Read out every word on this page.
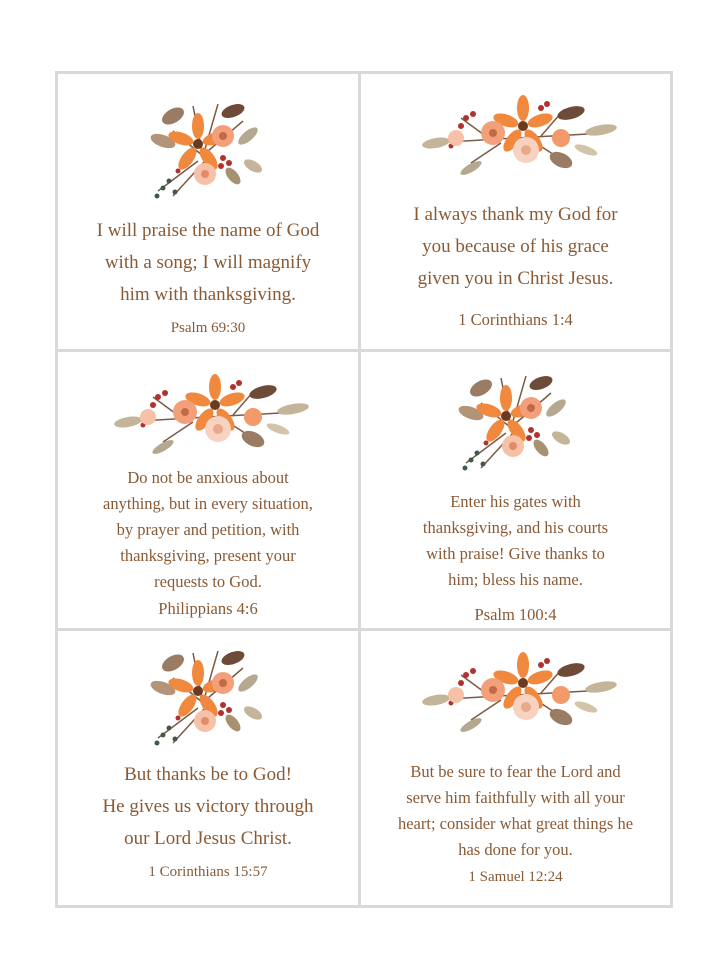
I will praise the name of God
with a song; I will magnify
him with thanksgiving.
Psalm 69:30
I always thank my God for
you because of his grace
given you in Christ Jesus.
1 Corinthians 1:4
Do not be anxious about
anything, but in every situation,
by prayer and petition, with
thanksgiving, present your
requests to God.
Philippians 4:6
Enter his gates with
thanksgiving, and his courts
with praise! Give thanks to
him; bless his name.
Psalm 100:4
But thanks be to God!
He gives us victory through
our Lord Jesus Christ.
1 Corinthians 15:57
But be sure to fear the Lord and
serve him faithfully with all your
heart; consider what great things he
has done for you.
1 Samuel 12:24
